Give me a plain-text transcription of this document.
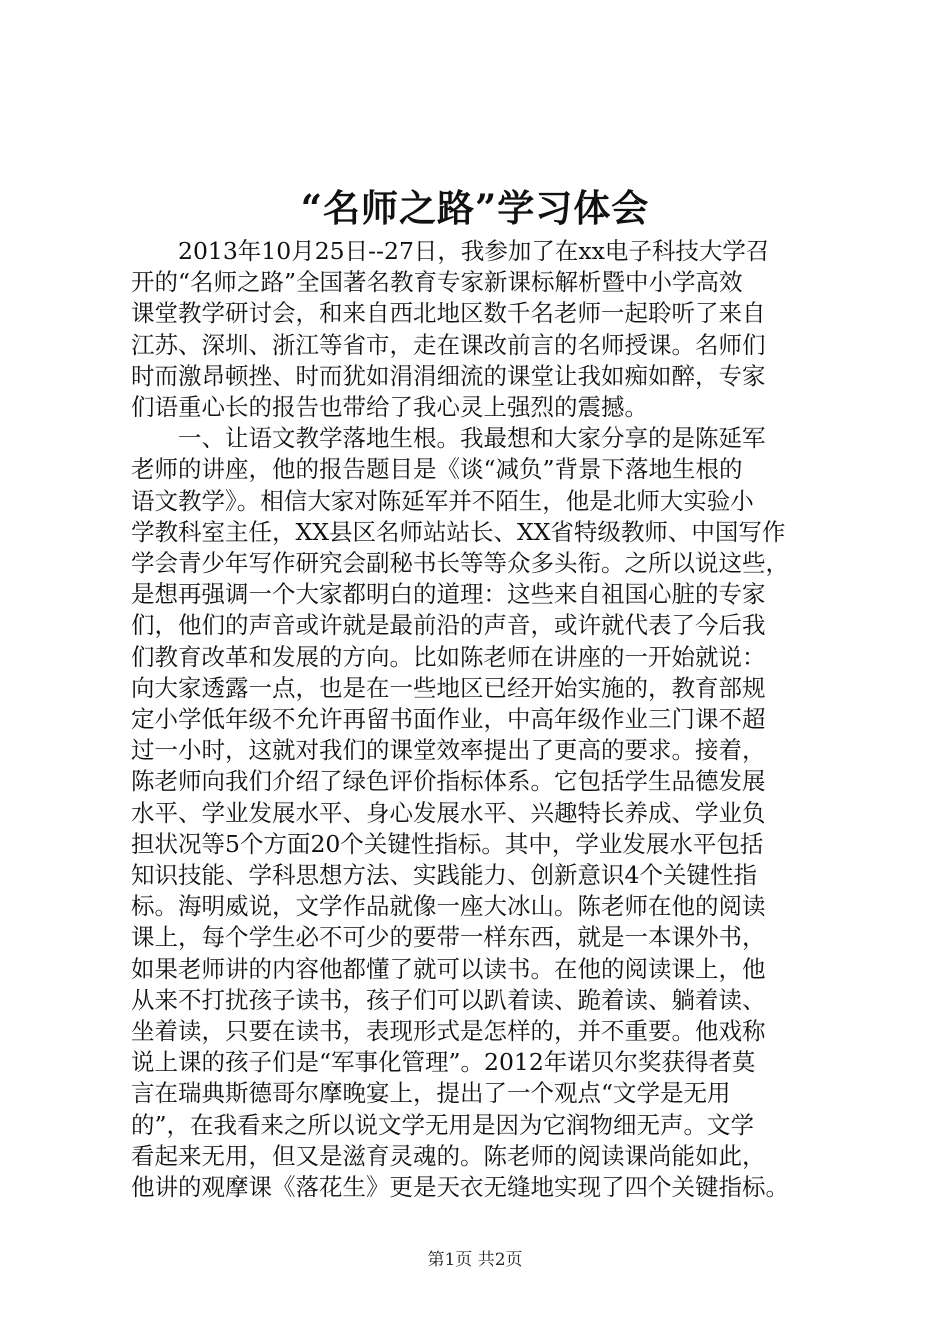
“名师之路”学习体会
2013年10月25日--27日，我参加了在xx电子科技大学召
开的“名师之路”全国著名教育专家新课标解析暨中小学高效
课堂教学研讨会，和来自西北地区数千名老师一起聆听了来自
江苏、深圳、浙江等省市，走在课改前言的名师授课。名师们
时而激昂顿挫、时而犹如涓涓细流的课堂让我如痴如醉，专家
们语重心长的报告也带给了我心灵上强烈的震撼。
一、让语文教学落地生根。我最想和大家分享的是陈延军
老师的讲座，他的报告题目是《谈“减负”背景下落地生根的
语文教学》。相信大家对陈延军并不陌生，他是北师大实验小
学教科室主任，XX县区名师站站长、XX省特级教师、中国写作
学会青少年写作研究会副秘书长等等众多头衔。之所以说这些，
是想再强调一个大家都明白的道理：这些来自祖国心脏的专家
们，他们的声音或许就是最前沿的声音，或许就代表了今后我
们教育改革和发展的方向。比如陈老师在讲座的一开始就说：
向大家透露一点，也是在一些地区已经开始实施的，教育部规
定小学低年级不允许再留书面作业，中高年级作业三门课不超
过一小时，这就对我们的课堂效率提出了更高的要求。接着，
陈老师向我们介绍了绿色评价指标体系。它包括学生品德发展
水平、学业发展水平、身心发展水平、兴趣特长养成、学业负
担状况等5个方面20个关键性指标。其中，学业发展水平包括
知识技能、学科思想方法、实践能力、创新意识4个关键性指
标。海明威说，文学作品就像一座大冰山。陈老师在他的阅读
课上，每个学生必不可少的要带一样东西，就是一本课外书，
如果老师讲的内容他都懂了就可以读书。在他的阅读课上，他
从来不打扰孩子读书，孩子们可以趴着读、跪着读、躺着读、
坐着读，只要在读书，表现形式是怎样的，并不重要。他戏称
说上课的孩子们是“军事化管理”。2012年诺贝尔奖获得者莫
言在瑞典斯德哥尔摩晚宴上，提出了一个观点“文学是无用
的”，在我看来之所以说文学无用是因为它润物细无声。文学
看起来无用，但又是滋育灵魂的。陈老师的阅读课尚能如此，
他讲的观摩课《落花生》更是天衣无缝地实现了四个关键指标。
第1页 共2页
